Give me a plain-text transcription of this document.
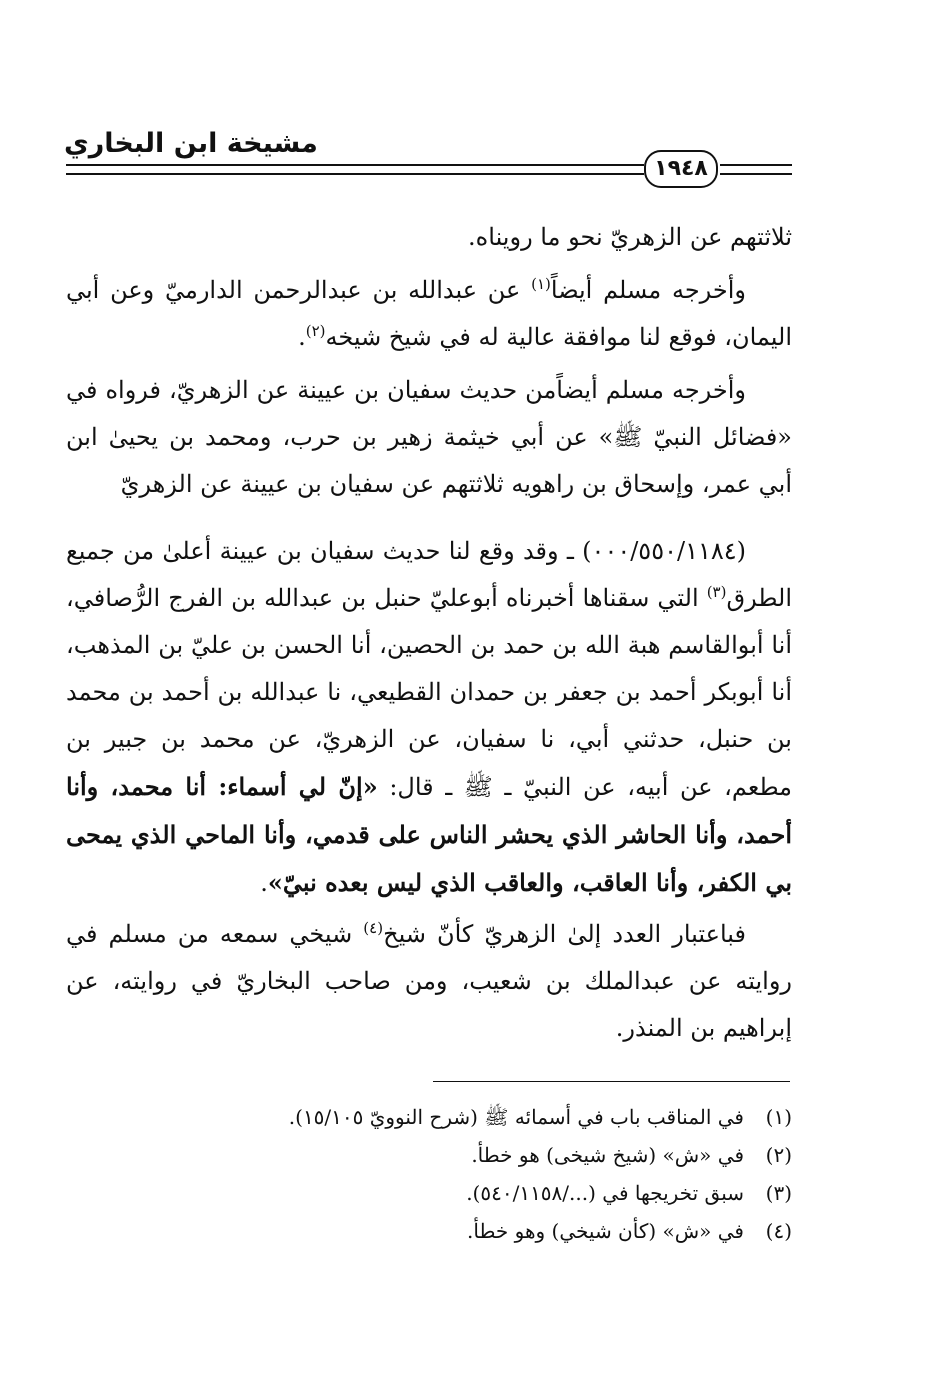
مشيخة ابن البخاري
١٩٤٨

ثلاثتهم عن الزهريّ نحو ما رويناه.

وأخرجه مسلم أيضاً$^{(١)}$ عن عبدالله بن عبدالرحمن الدارميّ وعن أبي اليمان، فوقع لنا موافقة عالية له في شيخ شيخه$^{(٢)}$.

وأخرجه مسلم أيضاًمن حديث سفيان بن عيينة عن الزهريّ، فرواه في «فضائل النبيّ ﷺ» عن أبي خيثمة زهير بن حرب، ومحمد بن يحيىٰ ابن أبي عمر، وإسحاق بن راهويه ثلاثتهم عن سفيان بن عيينة عن الزهريّ

(٠٠٠/٥٥٠/١١٨٤) ـ وقد وقع لنا حديث سفيان بن عيينة أعلىٰ من جميع الطرق$^{(٣)}$ التي سقناها أخبرناه أبوعليّ حنبل بن عبدالله بن الفرج الرُّصافي، أنا أبوالقاسم هبة الله بن حمد بن الحصين، أنا الحسن بن عليّ بن المذهب، أنا أبوبكر أحمد بن جعفر بن حمدان القطيعي، نا عبدالله بن أحمد بن محمد بن حنبل، حدثني أبي، نا سفيان، عن الزهريّ، عن محمد بن جبير بن مطعم، عن أبيه، عن النبيّ ـ ﷺ ـ قال: «إنّ لي أسماء: أنا محمد، وأنا أحمد، وأنا الحاشر الذي يحشر الناس على قدمي، وأنا الماحي الذي يمحى بي الكفر، وأنا العاقب، والعاقب الذي ليس بعده نبيّ».

فباعتبار العدد إلىٰ الزهريّ كأنّ شيخ$^{(٤)}$ شيخي سمعه من مسلم في روايته عن عبدالملك بن شعيب، ومن صاحب البخاريّ في روايته، عن إبراهيم بن المنذر.

(١)
في المناقب باب في أسمائه ﷺ (شرح النوويّ ١٥/١٠٥).
(٢)
في «ش» (شيخ شيخى) هو خطأ.
(٣)
سبق تخريجها في (.../٥٤٠/١١٥٨).
(٤)
في «ش» (كأن شيخي) وهو خطأ.
